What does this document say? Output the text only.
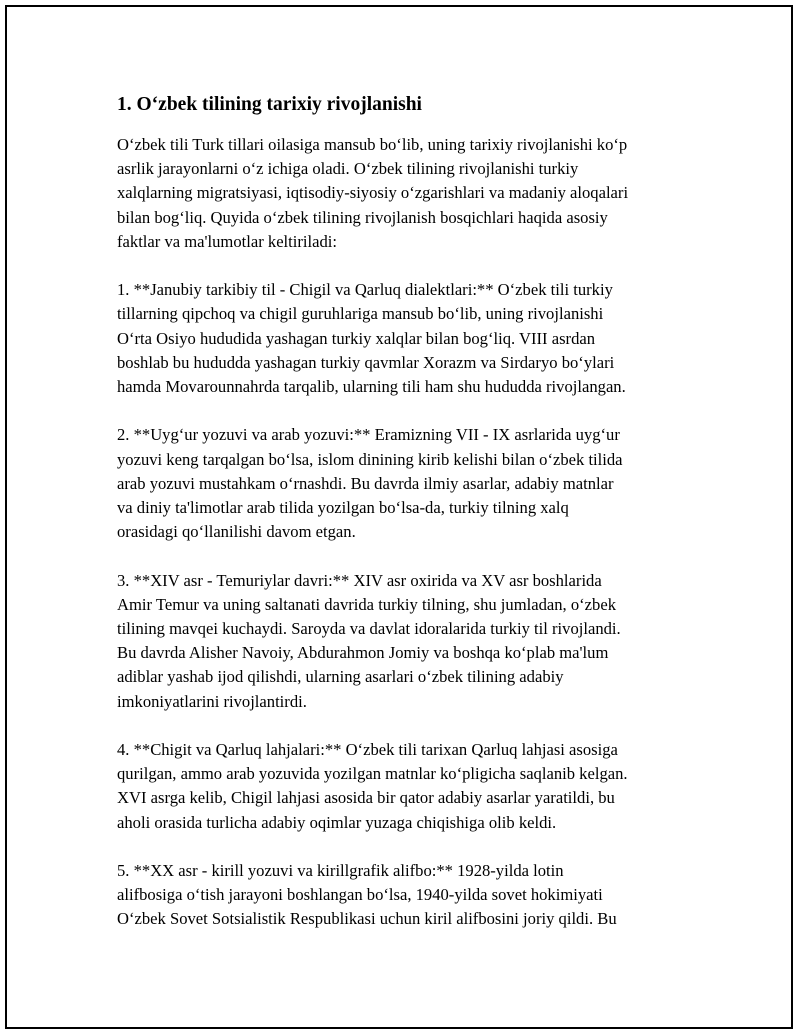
1. O‘zbek tilining tarixiy rivojlanishi

O‘zbek tili Turk tillari oilasiga mansub bo‘lib, uning tarixiy rivojlanishi ko‘p
asrlik jarayonlarni o‘z ichiga oladi. O‘zbek tilining rivojlanishi turkiy
xalqlarning migratsiyasi, iqtisodiy-siyosiy o‘zgarishlari va madaniy aloqalari
bilan bog‘liq. Quyida o‘zbek tilining rivojlanish bosqichlari haqida asosiy
faktlar va ma'lumotlar keltiriladi:

1. **Janubiy tarkibiy til - Chigil va Qarluq dialektlari:** O‘zbek tili turkiy
tillarning qipchoq va chigil guruhlariga mansub bo‘lib, uning rivojlanishi
O‘rta Osiyo hududida yashagan turkiy xalqlar bilan bog‘liq. VIII asrdan
boshlab bu hududda yashagan turkiy qavmlar Xorazm va Sirdaryo bo‘ylari
hamda Movarounnahrda tarqalib, ularning tili ham shu hududda rivojlangan.

2. **Uyg‘ur yozuvi va arab yozuvi:** Eramizning VII - IX asrlarida uyg‘ur
yozuvi keng tarqalgan bo‘lsa, islom dinining kirib kelishi bilan o‘zbek tilida
arab yozuvi mustahkam o‘rnashdi. Bu davrda ilmiy asarlar, adabiy matnlar
va diniy ta'limotlar arab tilida yozilgan bo‘lsa-da, turkiy tilning xalq
orasidagi qo‘llanilishi davom etgan.

3. **XIV asr - Temuriylar davri:** XIV asr oxirida va XV asr boshlarida
Amir Temur va uning saltanati davrida turkiy tilning, shu jumladan, o‘zbek
tilining mavqei kuchaydi. Saroyda va davlat idoralarida turkiy til rivojlandi.
Bu davrda Alisher Navoiy, Abdurahmon Jomiy va boshqa ko‘plab ma'lum
adiblar yashab ijod qilishdi, ularning asarlari o‘zbek tilining adabiy
imkoniyatlarini rivojlantirdi.

4. **Chigit va Qarluq lahjalari:** O‘zbek tili tarixan Qarluq lahjasi asosiga
qurilgan, ammo arab yozuvida yozilgan matnlar ko‘pligicha saqlanib kelgan.
XVI asrga kelib, Chigil lahjasi asosida bir qator adabiy asarlar yaratildi, bu
aholi orasida turlicha adabiy oqimlar yuzaga chiqishiga olib keldi.

5. **XX asr - kirill yozuvi va kirillgrafik alifbo:** 1928-yilda lotin
alifbosiga o‘tish jarayoni boshlangan bo‘lsa, 1940-yilda sovet hokimiyati
O‘zbek Sovet Sotsialistik Respublikasi uchun kiril alifbosini joriy qildi. Bu
